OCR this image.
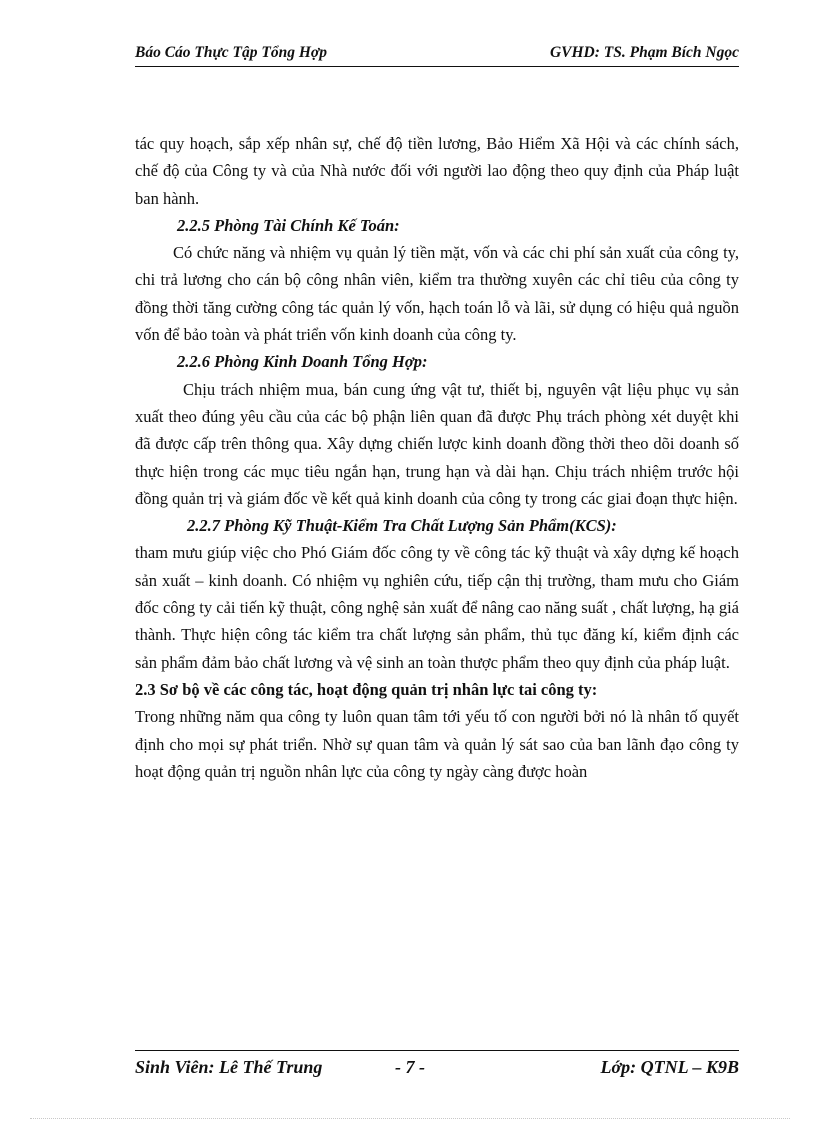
Báo Cáo Thực Tập Tổng Hợp	GVHD: TS. Phạm Bích Ngọc

tác quy hoạch, sắp xếp nhân sự, chế độ tiền lương, Bảo Hiểm Xã Hội và các chính sách, chế độ của Công ty và của Nhà nước đối với người lao động theo quy định của Pháp luật ban hành.

2.2.5 Phòng Tài Chính Kế Toán:

Có chức năng và nhiệm vụ quản lý tiền mặt, vốn và các chi phí sản xuất của công ty, chi trả lương cho cán bộ công nhân viên, kiểm tra thường xuyên các chỉ tiêu của công ty đồng thời tăng cường công tác quản lý vốn, hạch toán lỗ và lãi, sử dụng có hiệu quả nguồn vốn để bảo toàn và phát triển vốn kinh doanh của công ty.

2.2.6 Phòng Kinh Doanh Tổng Hợp:

Chịu trách nhiệm mua, bán cung ứng vật tư, thiết bị, nguyên vật liệu phục vụ sản xuất theo đúng yêu cầu của các bộ phận liên quan đã được Phụ trách phòng xét duyệt khi đã được cấp trên thông qua. Xây dựng chiến lược kinh doanh đồng thời theo dõi doanh số thực hiện trong các mục tiêu ngắn hạn, trung hạn và dài hạn. Chịu trách nhiệm trước hội đồng quản trị và giám đốc về kết quả kinh doanh của công ty trong các giai đoạn thực hiện.

2.2.7 Phòng Kỹ Thuật-Kiểm Tra Chất Lượng Sản Phẩm(KCS):

tham mưu giúp việc cho Phó Giám đốc công ty về công tác kỹ thuật và xây dựng kế hoạch sản xuất – kinh doanh. Có nhiệm vụ nghiên cứu, tiếp cận thị trường, tham mưu cho Giám đốc công ty cải tiến kỹ thuật, công nghệ sản xuất để nâng cao năng suất , chất lượng, hạ giá thành. Thực hiện công tác kiểm tra chất lượng sản phẩm, thủ tục đăng kí, kiểm định các sản phẩm đảm bảo chất lương và vệ sinh an toàn thược phẩm theo quy định của pháp luật.

2.3 Sơ bộ về các công tác, hoạt động quản trị nhân lực tai công ty:

Trong những năm qua công ty luôn quan tâm tới yếu tố con người bởi nó là nhân tố quyết định cho mọi sự phát triển. Nhờ sự quan tâm và quản lý sát sao của ban lãnh đạo công ty hoạt động quản trị nguồn nhân lực của công ty ngày càng được hoàn

Sinh Viên: Lê Thế Trung	- 7 -	Lớp: QTNL – K9B
